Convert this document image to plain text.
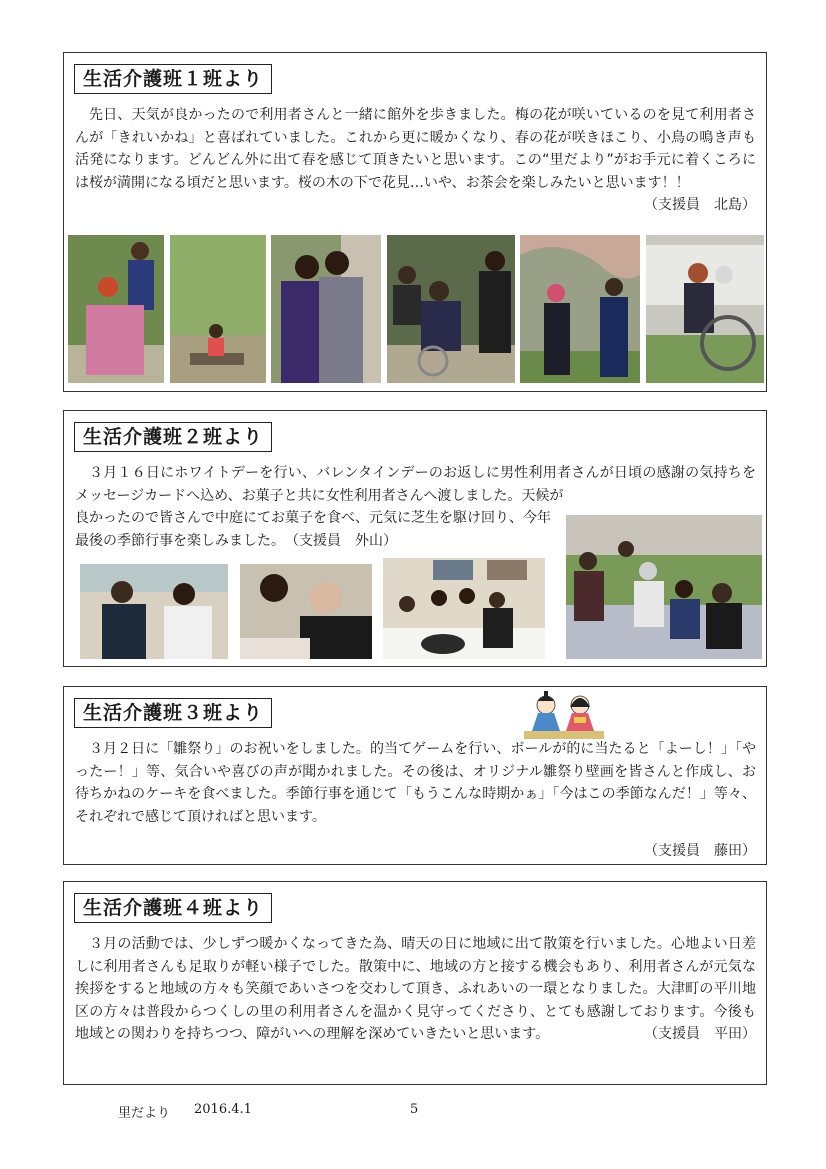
生活介護班１班より
先日、天気が良かったので利用者さんと一緒に館外を歩きました。梅の花が咲いているのを見て利用者さんが「きれいかね」と喜ばれていました。これから更に暖かくなり、春の花が咲きほこり、小鳥の鳴き声も活発になります。どんどん外に出て春を感じて頂きたいと思います。この“里だより”がお手元に着くころには桜が満開になる頃だと思います。桜の木の下で花見…いや、お茶会を楽しみたいと思います！！
（支援員　北島）
生活介護班２班より
３月１６日にホワイトデーを行い、バレンタインデーのお返しに男性利用者さんが日頃の感謝の気持ちをメッセージカードへ込め、お菓子と共に女性利用者さんへ渡しました。天候が
良かったので皆さんで中庭にてお菓子を食べ、元気に芝生を駆け回り、今年最後の季節行事を楽しみました。　 （支援員　外山）
生活介護班３班より
３月２日に「雛祭り」のお祝いをしました。的当てゲームを行い、ボールが的に当たると「よーし！」「やったー！」等、気合いや喜びの声が聞かれました。その後は、オリジナル雛祭り壁画を皆さんと作成し、お待ちかねのケーキを食べました。季節行事を通じて「もうこんな時期かぁ」「今はこの季節なんだ！」等々、それぞれで感じて頂ければと思います。
（支援員　藤田）
生活介護班４班より
３月の活動では、少しずつ暖かくなってきた為、晴天の日に地域に出て散策を行いました。心地よい日差しに利用者さんも足取りが軽い様子でした。散策中に、地域の方と接する機会もあり、利用者さんが元気な挨拶をすると地域の方々も笑顔であいさつを交わして頂き、ふれあいの一環となりました。大津町の平川地区の方々は普段からつくしの里の利用者さんを温かく見守ってくださり、とても感謝しております。今後も地域との関わりを持ちつつ、障がいへの理解を深めていきたいと思います。	（支援員　平田）
里だより 2016.4.1	5
